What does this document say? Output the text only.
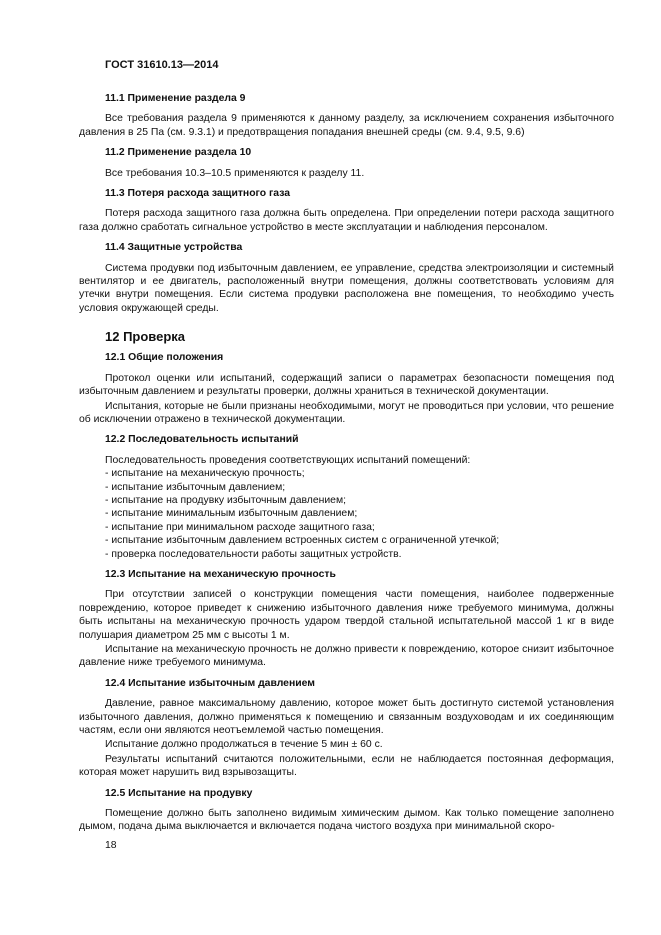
ГОСТ 31610.13—2014

11.1 Применение раздела 9

Все требования раздела 9 применяются к данному разделу, за исключением сохранения избыточного давления в 25 Па (см. 9.3.1) и предотвращения попадания внешней среды (см. 9.4, 9.5, 9.6)

11.2 Применение раздела 10

Все требования 10.3–10.5 применяются к разделу 11.

11.3 Потеря расхода защитного газа

Потеря расхода защитного газа должна быть определена. При определении потери расхода защитного газа должно сработать сигнальное устройство в месте эксплуатации и наблюдения персоналом.

11.4 Защитные устройства

Система продувки под избыточным давлением, ее управление, средства электроизоляции и системный вентилятор и ее двигатель, расположенный внутри помещения, должны соответствовать условиям для утечки внутри помещения. Если система продувки расположена вне помещения, то необходимо учесть условия окружающей среды.

12 Проверка
12.1 Общие положения

Протокол оценки или испытаний, содержащий записи о параметрах безопасности помещения под избыточным давлением и результаты проверки, должны храниться в технической документации.

Испытания, которые не были признаны необходимыми, могут не проводиться при условии, что решение об исключении отражено в технической документации.

12.2 Последовательность испытаний

Последовательность проведения соответствующих испытаний помещений:

- испытание на механическую прочность;
- испытание избыточным давлением;
- испытание на продувку избыточным давлением;
- испытание минимальным избыточным давлением;
- испытание при минимальном расходе защитного газа;
- испытание избыточным давлением встроенных систем с ограниченной утечкой;
- проверка последовательности работы защитных устройств.
12.3 Испытание на механическую прочность

При отсутствии записей о конструкции помещения части помещения, наиболее подверженные повреждению, которое приведет к снижению избыточного давления ниже требуемого минимума, должны быть испытаны на механическую прочность ударом твердой стальной испытательной массой 1 кг в виде полушария диаметром 25 мм с высоты 1 м.

Испытание на механическую прочность не должно привести к повреждению, которое снизит избыточное давление ниже требуемого минимума.

12.4 Испытание избыточным давлением

Давление, равное максимальному давлению, которое может быть достигнуто системой установления избыточного давления, должно применяться к помещению и связанным воздуховодам и их соединяющим частям, если они являются неотъемлемой частью помещения.

Испытание должно продолжаться в течение 5 мин ± 60 с.

Результаты испытаний считаются положительными, если не наблюдается постоянная деформация, которая может нарушить вид взрывозащиты.

12.5 Испытание на продувку

Помещение должно быть заполнено видимым химическим дымом. Как только помещение заполнено дымом, подача дыма выключается и включается подача чистого воздуха при минимальной скоро-

18
